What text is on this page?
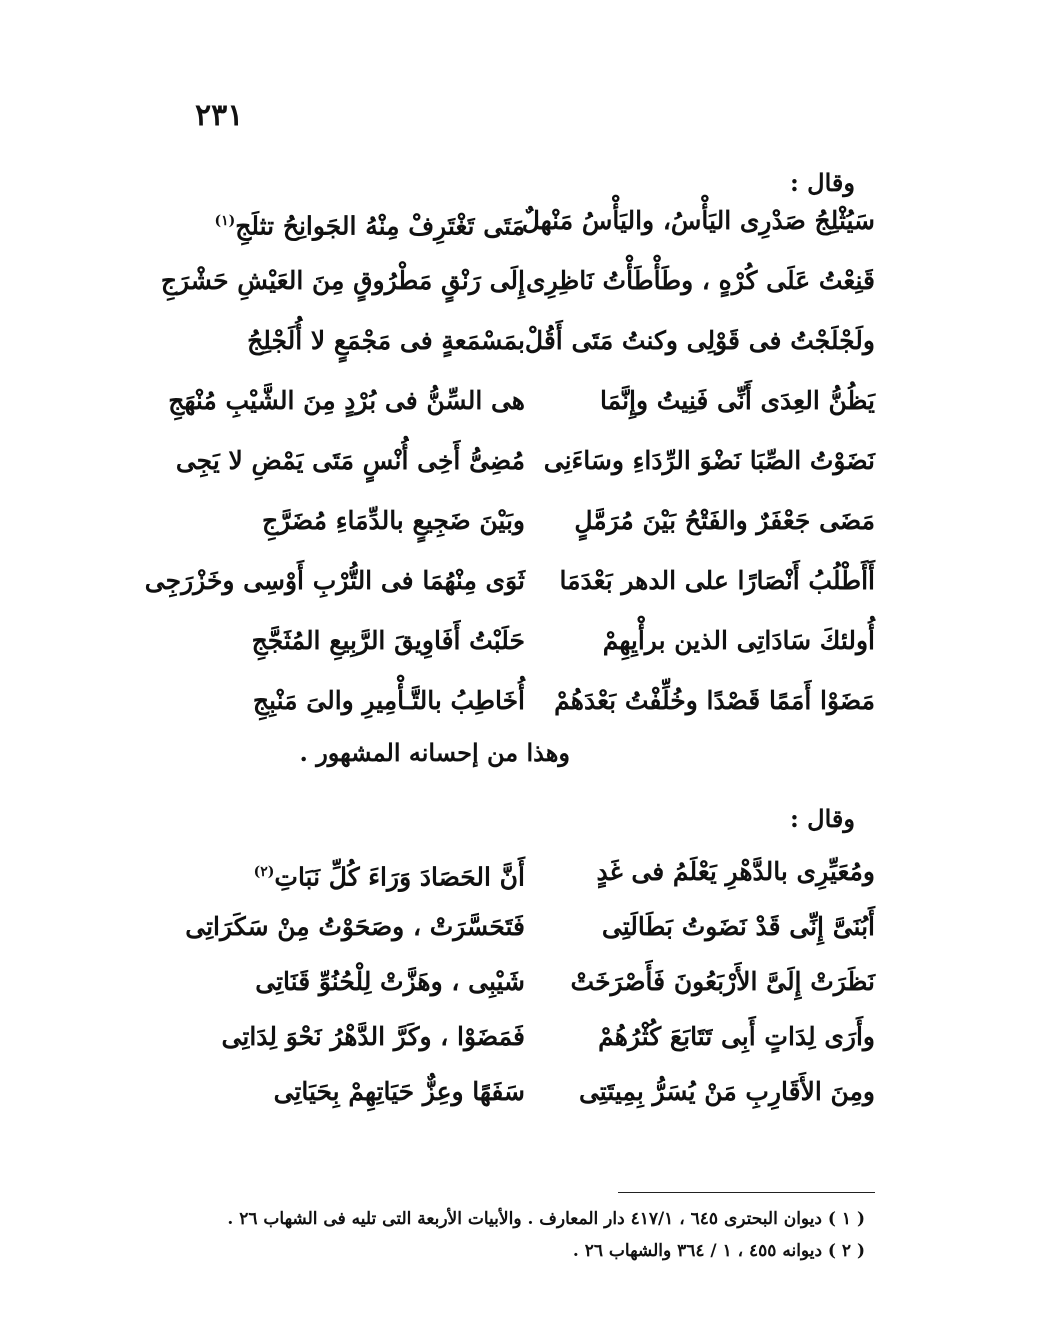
٢٣١
وقال :
سَيُثْلِجُ صَدْرِى اليَأْسُ، واليَأْسُ مَنْهلٌ
مَتَى تَغْتَرِفْ مِنْهُ الجَوانِحُ تثلَجِ$^{(١)}$
قَنِعْتُ عَلَى كُرْهٍ ، وطَأْطَأْتُ نَاظِرِى
إِلَى رَنْقٍ مَطْرُوقٍ مِنَ العَيْشِ حَشْرَجِ
ولَجْلَجْتُ فى قَوْلِى وكنتُ مَتَى أَقُلْ
بمَسْمَعةٍ فى مَجْمَعٍ لا أُلَجْلِجُ
يَظُنُّ العِدَى أَنِّى فَنِيتُ وإِنَّمَا
هى السِّنُّ فى بُرْدٍ مِنَ الشَّيْبِ مُنْهَجِ
نَضَوْتُ الصِّبَا نَضْوَ الرِّدَاءِ وسَاءَنِى
مُضِىُّ أَخِى أُنْسٍ مَتَى يَمْضِ لا يَجِى
مَضَى جَعْفَرٌ والفَتْحُ بَيْنَ مُرَمَّلٍ
وبَيْنَ ضَجِيعٍ بالدِّمَاءِ مُضَرَّجِ
أَأَطْلُبُ أَنْصَارًا على الدهر بَعْدَمَا
ثَوَى مِنْهُمَا فى التُّرْبِ أَوْسِى وخَزْرَجِى
أُولئكَ سَادَاتِى الذين برأْيِهِمْ
حَلَبْتُ أَفَاوِيقَ الرَّبِيعِ المُثَجَّجِ
مَضَوْا أَمَمًا قَصْدًا وخُلِّفْتُ بَعْدَهُمْ
أُخَاطِبُ بالتَّـأْمِيرِ والىَ مَنْبِجِ
وهذا من إحسانه المشهور .
وقال :
ومُعَيِّرِى بالدَّهْرِ يَعْلَمُ فى غَدٍ
أَنَّ الحَصَادَ وَرَاءَ كُلِّ نَبَاتِ$^{(٢)}$
أَبُنَىَّ إِنِّى قَدْ نَضَوتُ بَطَالَتِى
فَتَحَسَّرَتْ ، وصَحَوْتُ مِنْ سَكَرَاتِى
نَظَرَتْ إِلَىَّ الأَرْبَعُونَ فَأَصْرَخَتْ
شَيْبِى ، وهَزَّتْ لِلْحُنُوِّ قَنَاتِى
وأَرَى لِدَاتٍ أَبِى تَتَابَعَ كُثْرُهُمْ
فَمَضَوْا ، وكَرَّ الدَّهْرُ نَحْوَ لِدَاتِى
ومِنَ الأَقَارِبِ مَنْ يُسَرُّ بِمِيتَتِى
سَفَهًا وعِزٌّ حَيَاتِهِمْ بِحَيَاتِى
( ١ ) ديوان البحترى ٦٤٥ ، ٤١٧/١ دار المعارف . والأبيات الأربعة التى تليه فى الشهاب ٢٦ .
( ٢ ) ديوانه ٤٥٥ ، ١ / ٣٦٤ والشهاب ٢٦ .
